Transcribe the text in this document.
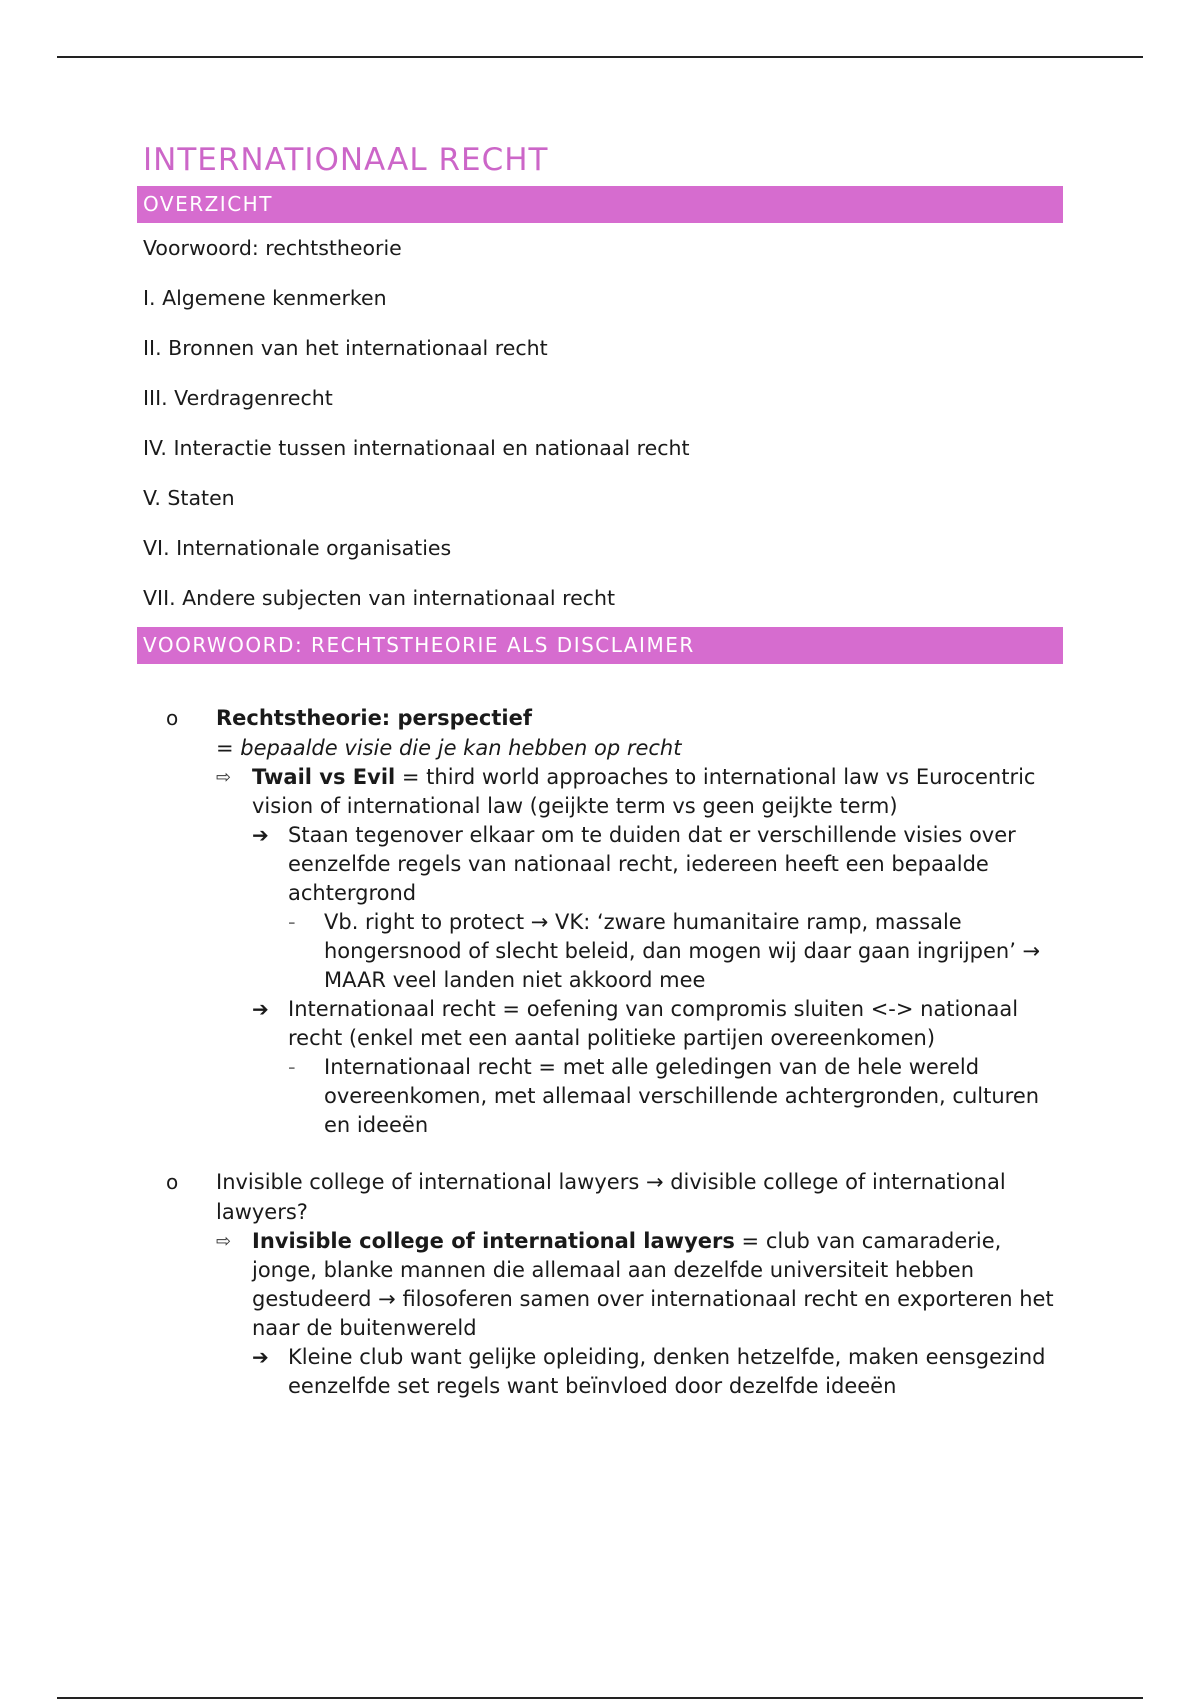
INTERNATIONAAL RECHT
OVERZICHT
Voorwoord: rechtstheorie
I. Algemene kenmerken
II. Bronnen van het internationaal recht
III. Verdragenrecht
IV. Interactie tussen internationaal en nationaal recht
V. Staten
VI. Internationale organisaties
VII. Andere subjecten van internationaal recht
VOORWOORD: RECHTSTHEORIE ALS DISCLAIMER
o Rechtstheorie: perspectief
= bepaalde visie die je kan hebben op recht
⇨ Twail vs Evil = third world approaches to international law vs Eurocentric vision of international law (geijkte term vs geen geijkte term)
➔ Staan tegenover elkaar om te duiden dat er verschillende visies over eenzelfde regels van nationaal recht, iedereen heeft een bepaalde achtergrond
- Vb. right to protect → VK: ‘zware humanitaire ramp, massale hongersnood of slecht beleid, dan mogen wij daar gaan ingrijpen’ → MAAR veel landen niet akkoord mee
➔ Internationaal recht = oefening van compromis sluiten <-> nationaal recht (enkel met een aantal politieke partijen overeenkomen)
- Internationaal recht = met alle geledingen van de hele wereld overeenkomen, met allemaal verschillende achtergronden, culturen en ideeën
o Invisible college of international lawyers → divisible college of international lawyers?
⇨ Invisible college of international lawyers = club van camaraderie, jonge, blanke mannen die allemaal aan dezelfde universiteit hebben gestudeerd → filosoferen samen over internationaal recht en exporteren het naar de buitenwereld
➔ Kleine club want gelijke opleiding, denken hetzelfde, maken eensgezind eenzelfde set regels want beïnvloed door dezelfde ideeën
